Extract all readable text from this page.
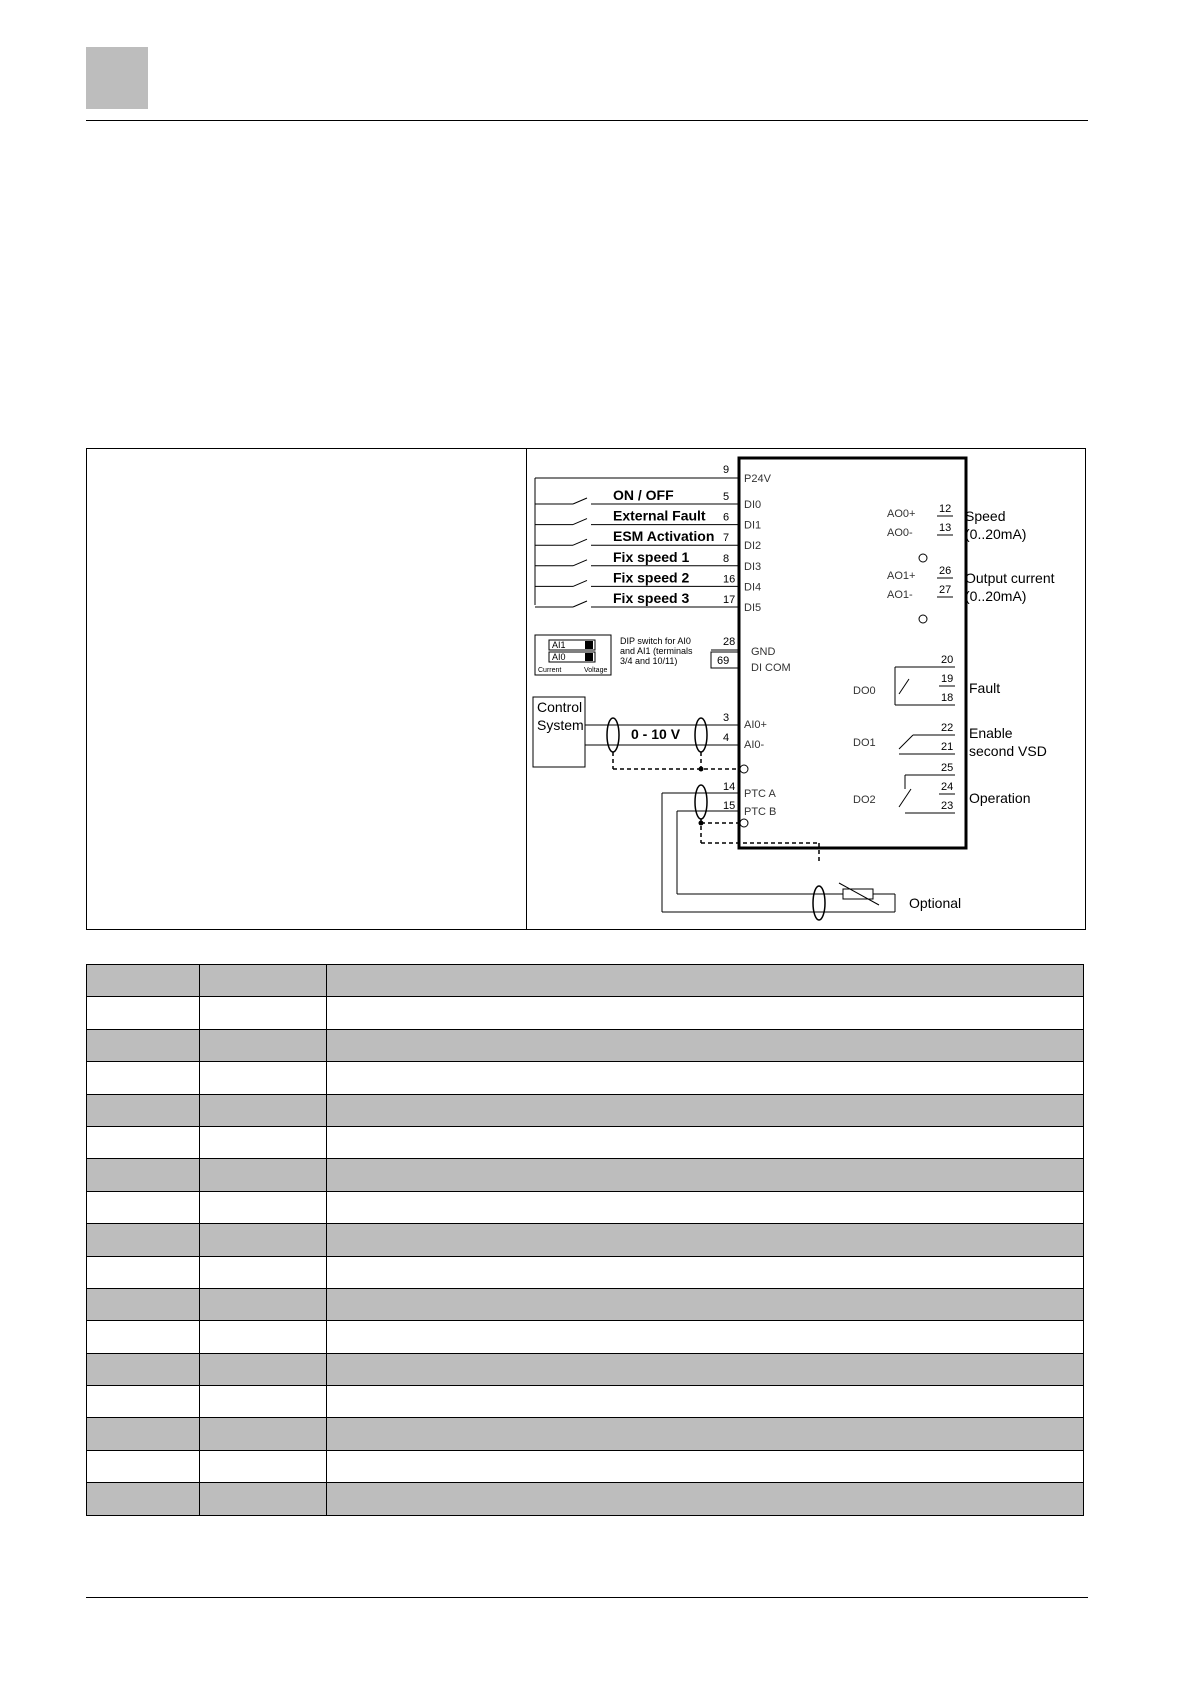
9
P24V
ON / OFF	5
DI0
External Fault 6
DI1
ESM Activation 7
DI2
Fix speed 1	8
DI3
Fix speed 2	16
DI4
Fix speed 3	17
DI5
AI1
AI0
Current	Voltage
DIP switch for AI0
and AI1 (terminals
3/4 and 10/11)
28
GND
69
DI COM
Control
System
0 - 10 V
3
4
AI0+
AI0-
14
15
PTC A
PTC B
Optional
AO0+
AO0-
12
13
Speed
(0..20mA)
AO1+
AO1-
26
27
Output current
(0..20mA)
DO0
20
19
18
Fault
DO1
22
21
Enable
second VSD
DO2
25
24
23 Operation
